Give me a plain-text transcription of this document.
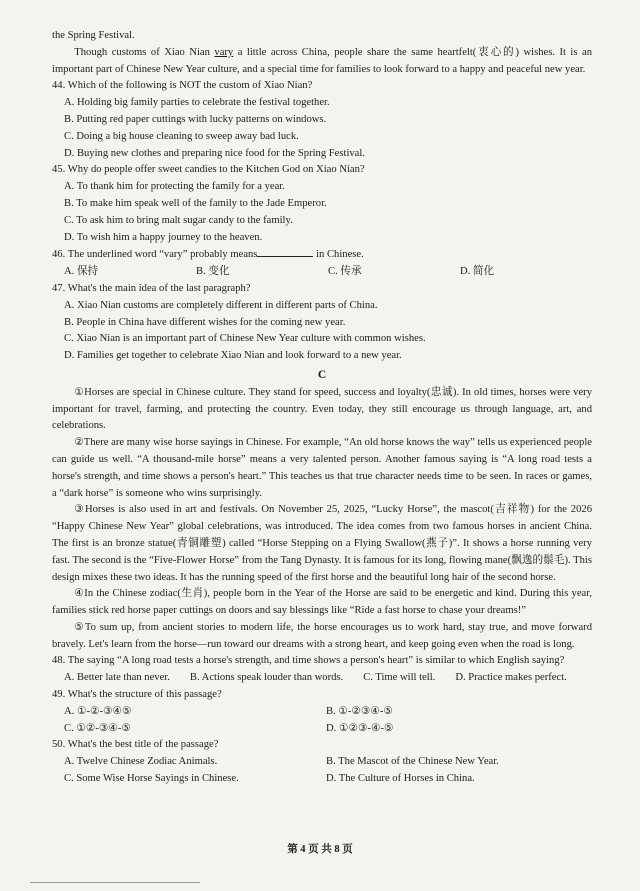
the Spring Festival.

Though customs of Xiao Nian vary a little across China, people share the same heartfelt(衷心的) wishes. It is an important part of Chinese New Year culture, and a special time for families to look forward to a happy and peaceful new year.

44. Which of the following is NOT the custom of Xiao Nian?

A. Holding big family parties to celebrate the festival together.

B. Putting red paper cuttings with lucky patterns on windows.

C. Doing a big house cleaning to sweep away bad luck.

D. Buying new clothes and preparing nice food for the Spring Festival.

45. Why do people offer sweet candies to the Kitchen God on Xiao Nian?

A. To thank him for protecting the family for a year.

B. To make him speak well of the family to the Jade Emperor.

C. To ask him to bring malt sugar candy to the family.

D. To wish him a happy journey to the heaven.

46. The underlined word “vary” probably means	in Chinese.

A. 保持	B. 变化	C. 传承	D. 简化

47. What's the main idea of the last paragraph?

A. Xiao Nian customs are completely different in different parts of China.

B. People in China have different wishes for the coming new year.

C. Xiao Nian is an important part of Chinese New Year culture with common wishes.

D. Families get together to celebrate Xiao Nian and look forward to a new year.

C

①Horses are special in Chinese culture. They stand for speed, success and loyalty(忠诚). In old times, horses were very important for travel, farming, and protecting the country. Even today, they still encourage us through language, art, and celebrations.

②There are many wise horse sayings in Chinese. For example, “An old horse knows the way” tells us experienced people can guide us well. “A thousand-mile horse” means a very talented person. Another famous saying is “A long road tests a horse's strength, and time shows a person's heart.” This teaches us that true character needs time to be seen. In races or games, a “dark horse” is someone who wins surprisingly.

③Horses is also used in art and festivals. On November 25, 2025, “Lucky Horse”, the mascot(吉祥物) for the 2026 “Happy Chinese New Year” global celebrations, was introduced. The idea comes from two famous horses in ancient China. The first is an bronze statue(青铜雕塑) called “Horse Stepping on a Flying Swallow(燕子)”. It shows a horse running very fast. The second is the “Five-Flower Horse” from the Tang Dynasty. It is famous for its long, flowing mane(飘逸的鬃毛). This design mixes these two ideas. It has the running speed of the first horse and the beautiful long hair of the second horse.

④In the Chinese zodiac(生肖), people born in the Year of the Horse are said to be energetic and kind. During this year, families stick red horse paper cuttings on doors and say blessings like “Ride a fast horse to chase your dreams!”

⑤To sum up, from ancient stories to modern life, the horse encourages us to work hard, stay true, and move forward bravely. Let's learn from the horse—run toward our dreams with a strong heart, and keep going even when the road is long.

48. The saying “A long road tests a horse's strength, and time shows a person's heart” is similar to which English saying?

A. Better late than never. B. Actions speak louder than words. C. Time will tell. D. Practice makes perfect.

49. What's the structure of this passage?

A. ①-②-③④⑤	B. ①-②③④-⑤
C. ①②-③④-⑤	D. ①②③-④-⑤

50. What's the best title of the passage?

A. Twelve Chinese Zodiac Animals.	B. The Mascot of the Chinese New Year.
C. Some Wise Horse Sayings in Chinese.	D. The Culture of Horses in China.
第 4 页 共 8 页
